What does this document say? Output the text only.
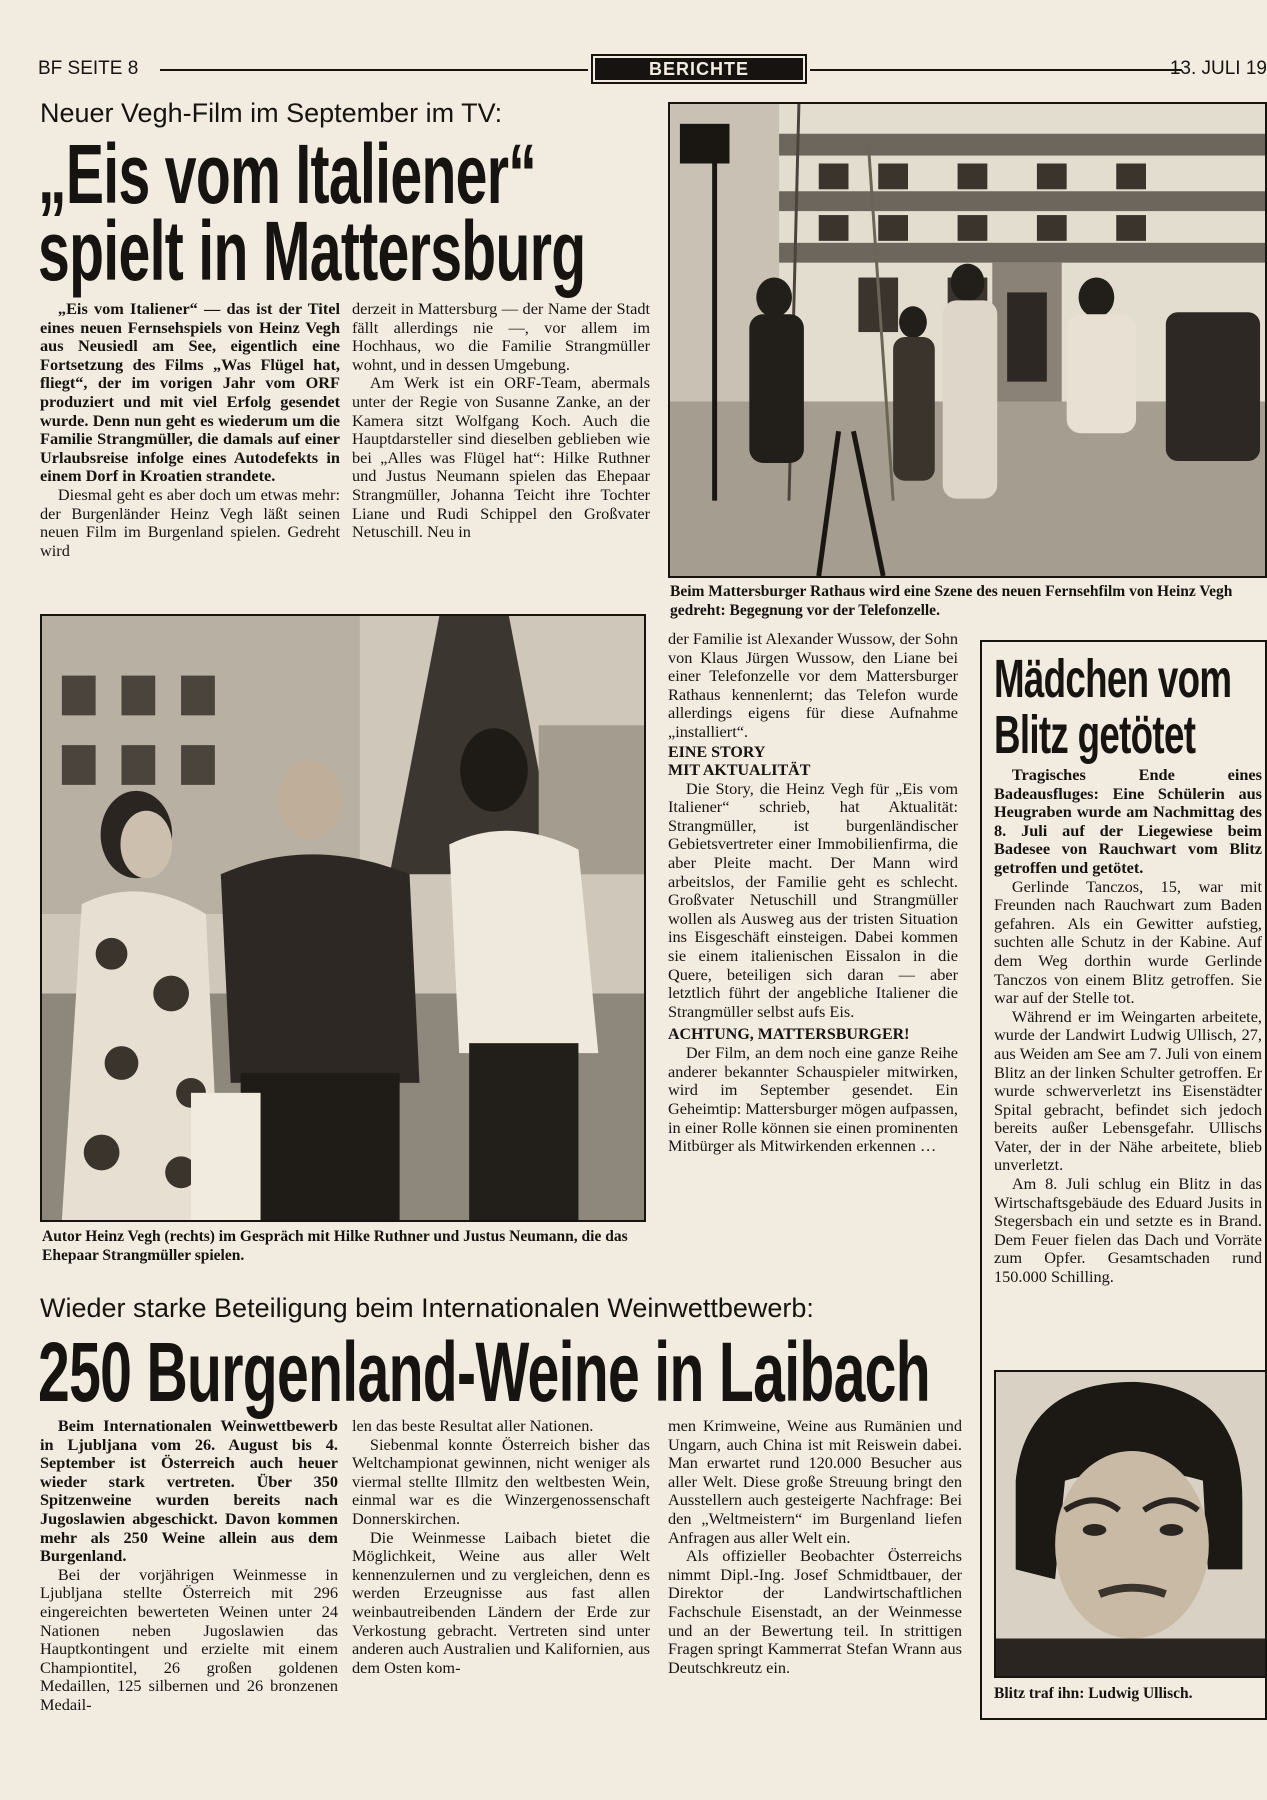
BF SEITE 8	BERICHTE	13. JULI 19
Neuer Vegh-Film im September im TV:
„Eis vom Italiener“
spielt in Mattersburg

„Eis vom Italiener“ — das ist der Titel eines neuen Fernsehspiels von Heinz Vegh aus Neusiedl am See, eigentlich eine Fortsetzung des Films „Was Flügel hat, fliegt“, der im vorigen Jahr vom ORF produziert und mit viel Erfolg gesendet wurde. Denn nun geht es wiederum um die Familie Strangmüller, die damals auf einer Urlaubsreise infolge eines Autodefekts in einem Dorf in Kroatien strandete.

Diesmal geht es aber doch um etwas mehr: der Burgenländer Heinz Vegh läßt seinen neuen Film im Burgenland spielen. Gedreht wird

derzeit in Mattersburg — der Name der Stadt fällt allerdings nie —, vor allem im Hochhaus, wo die Familie Strangmüller wohnt, und in dessen Umgebung.

Am Werk ist ein ORF-Team, abermals unter der Regie von Susanne Zanke, an der Kamera sitzt Wolfgang Koch. Auch die Hauptdarsteller sind dieselben geblieben wie bei „Alles was Flügel hat“: Hilke Ruthner und Justus Neumann spielen das Ehepaar Strangmüller, Johanna Teicht ihre Tochter Liane und Rudi Schippel den Großvater Netuschill. Neu in

Beim Mattersburger Rathaus wird eine Szene des neuen Fernsehfilm von Heinz Vegh gedreht: Begegnung vor der Telefonzelle.
Autor Heinz Vegh (rechts) im Gespräch mit Hilke Ruthner und Justus Neumann, die das Ehepaar Strangmüller spielen.

der Familie ist Alexander Wussow, der Sohn von Klaus Jürgen Wussow, den Liane bei einer Telefonzelle vor dem Mattersburger Rathaus kennenlernt; das Telefon wurde allerdings eigens für diese Aufnahme „installiert“.

EINE STORY
MIT AKTUALITÄT

Die Story, die Heinz Vegh für „Eis vom Italiener“ schrieb, hat Aktualität: Strangmüller, ist burgenländischer Gebietsvertreter einer Immobilienfirma, die aber Pleite macht. Der Mann wird arbeitslos, der Familie geht es schlecht. Großvater Netuschill und Strangmüller wollen als Ausweg aus der tristen Situation ins Eisgeschäft einsteigen. Dabei kommen sie einem italienischen Eissalon in die Quere, beteiligen sich daran — aber letztlich führt der angebliche Italiener die Strangmüller selbst aufs Eis.

ACHTUNG, MATTERSBURGER!

Der Film, an dem noch eine ganze Reihe anderer bekannter Schauspieler mitwirken, wird im September gesendet. Ein Geheimtip: Mattersburger mögen aufpassen, in einer Rolle können sie einen prominenten Mitbürger als Mitwirkenden erkennen …

Mädchen vom
Blitz getötet

Tragisches Ende eines Badeausfluges: Eine Schülerin aus Heugraben wurde am Nachmittag des 8. Juli auf der Liegewiese beim Badesee von Rauchwart vom Blitz getroffen und getötet.

Gerlinde Tanczos, 15, war mit Freunden nach Rauchwart zum Baden gefahren. Als ein Gewitter aufstieg, suchten alle Schutz in der Kabine. Auf dem Weg dorthin wurde Gerlinde Tanczos von einem Blitz getroffen. Sie war auf der Stelle tot.

Während er im Weingarten arbeitete, wurde der Landwirt Ludwig Ullisch, 27, aus Weiden am See am 7. Juli von einem Blitz an der linken Schulter getroffen. Er wurde schwerverletzt ins Eisenstädter Spital gebracht, befindet sich jedoch bereits außer Lebensgefahr. Ullischs Vater, der in der Nähe arbeitete, blieb unverletzt.

Am 8. Juli schlug ein Blitz in das Wirtschaftsgebäude des Eduard Jusits in Stegersbach ein und setzte es in Brand. Dem Feuer fielen das Dach und Vorräte zum Opfer. Gesamtschaden rund 150.000 Schilling.

Blitz traf ihn: Ludwig Ullisch.
Wieder starke Beteiligung beim Internationalen Weinwettbewerb:
250 Burgenland-Weine in Laibach

Beim Internationalen Weinwettbewerb in Ljubljana vom 26. August bis 4. September ist Österreich auch heuer wieder stark vertreten. Über 350 Spitzenweine wurden bereits nach Jugoslawien abgeschickt. Davon kommen mehr als 250 Weine allein aus dem Burgenland.

Bei der vorjährigen Weinmesse in Ljubljana stellte Österreich mit 296 eingereichten bewerteten Weinen unter 24 Nationen neben Jugoslawien das Hauptkontingent und erzielte mit einem Championtitel, 26 großen goldenen Medaillen, 125 silbernen und 26 bronzenen Medail-

len das beste Resultat aller Nationen.

Siebenmal konnte Österreich bisher das Weltchampionat gewinnen, nicht weniger als viermal stellte Illmitz den weltbesten Wein, einmal war es die Winzergenossenschaft Donnerskirchen.

Die Weinmesse Laibach bietet die Möglichkeit, Weine aus aller Welt kennenzulernen und zu vergleichen, denn es werden Erzeugnisse aus fast allen weinbautreibenden Ländern der Erde zur Verkostung gebracht. Vertreten sind unter anderen auch Australien und Kalifornien, aus dem Osten kom-

men Krimweine, Weine aus Rumänien und Ungarn, auch China ist mit Reiswein dabei. Man erwartet rund 120.000 Besucher aus aller Welt. Diese große Streuung bringt den Ausstellern auch gesteigerte Nachfrage: Bei den „Weltmeistern“ im Burgenland liefen Anfragen aus aller Welt ein.

Als offizieller Beobachter Österreichs nimmt Dipl.-Ing. Josef Schmidtbauer, der Direktor der Landwirtschaftlichen Fachschule Eisenstadt, an der Weinmesse und an der Bewertung teil. In strittigen Fragen springt Kammerrat Stefan Wrann aus Deutschkreutz ein.
